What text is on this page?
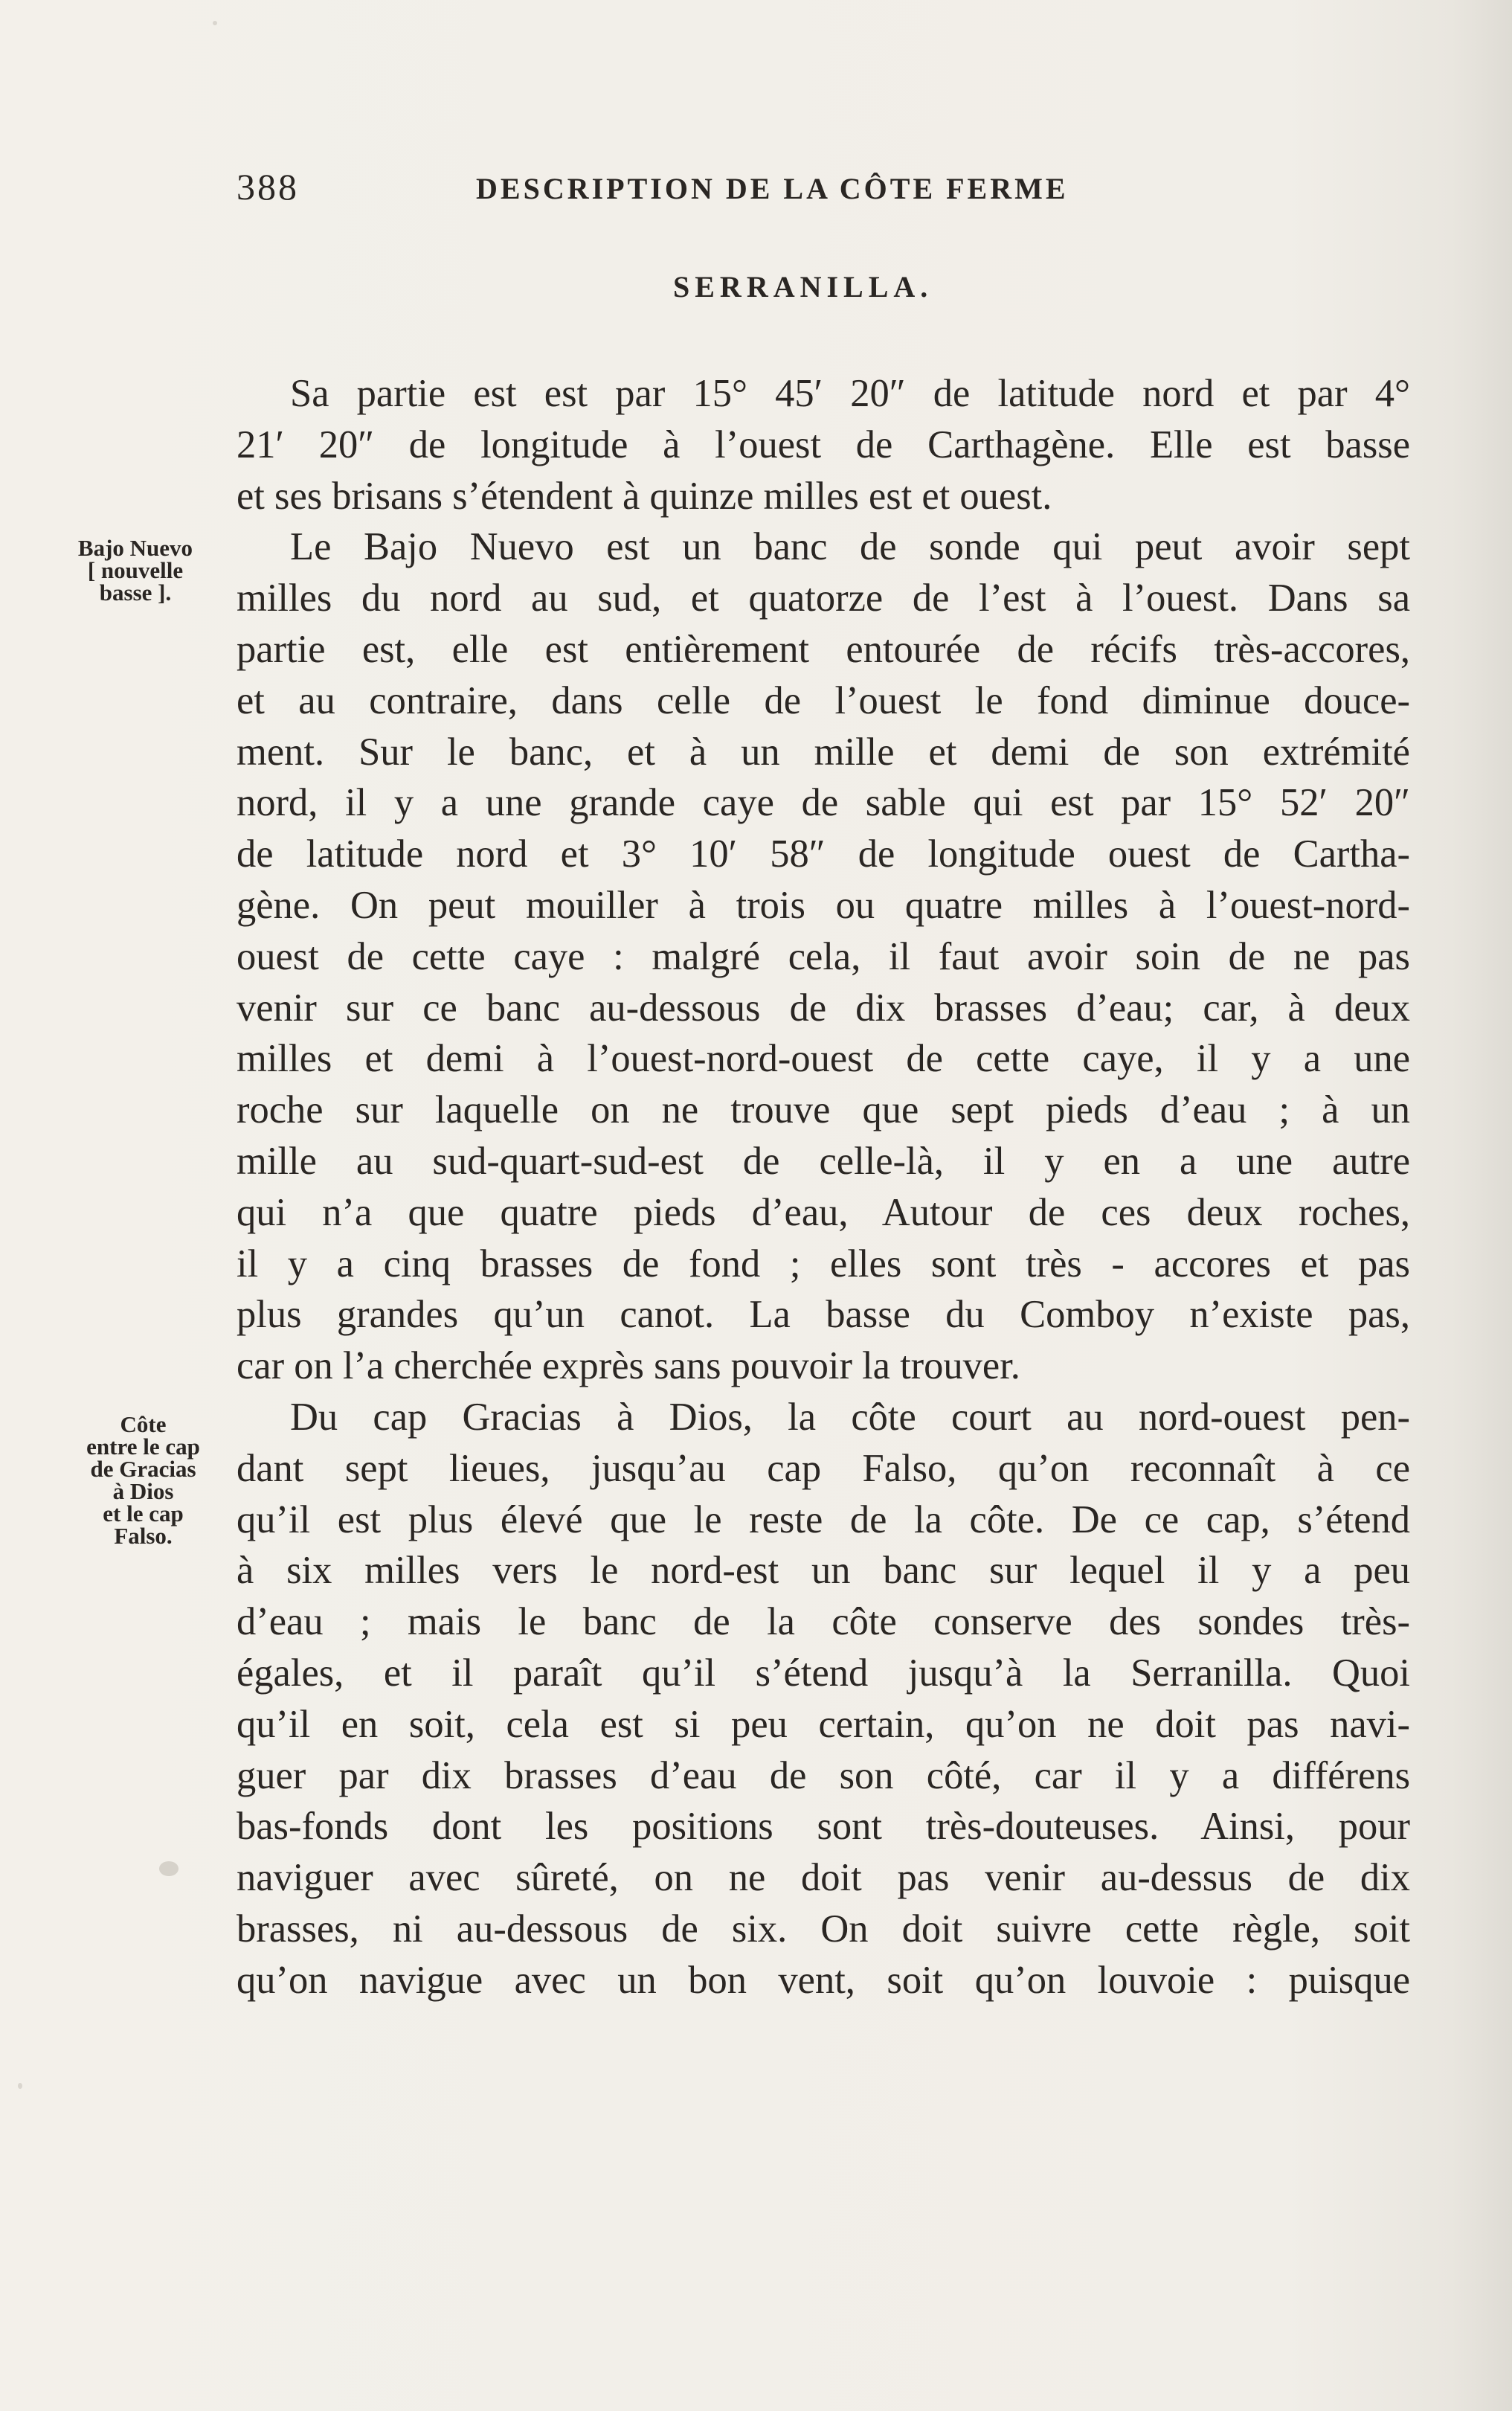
388	DESCRIPTION DE LA CÔTE FERME
SERRANILLA.
Bajo Nuevo
[ nouvelle
basse ].
Côte
entre le cap
de Gracias
à Dios
et le cap
Falso.
Sa partie est est par 15° 45′ 20″ de latitude nord et par 4°
21′ 20″ de longitude à l’ouest de Carthagène. Elle est basse
et ses brisans s’étendent à quinze milles est et ouest.
Le Bajo Nuevo est un banc de sonde qui peut avoir sept
milles du nord au sud, et quatorze de l’est à l’ouest. Dans sa
partie est, elle est entièrement entourée de récifs très-accores,
et au contraire, dans celle de l’ouest le fond diminue douce-
ment. Sur le banc, et à un mille et demi de son extrémité
nord, il y a une grande caye de sable qui est par 15° 52′ 20″
de latitude nord et 3° 10′ 58″ de longitude ouest de Cartha-
gène. On peut mouiller à trois ou quatre milles à l’ouest-nord-
ouest de cette caye : malgré cela, il faut avoir soin de ne pas
venir sur ce banc au-dessous de dix brasses d’eau; car, à deux
milles et demi à l’ouest-nord-ouest de cette caye, il y a une
roche sur laquelle on ne trouve que sept pieds d’eau ; à un
mille au sud-quart-sud-est de celle-là, il y en a une autre
qui n’a que quatre pieds d’eau, Autour de ces deux roches,
il y a cinq brasses de fond ; elles sont très - accores et pas
plus grandes qu’un canot. La basse du Comboy n’existe pas,
car on l’a cherchée exprès sans pouvoir la trouver.
Du cap Gracias à Dios, la côte court au nord-ouest pen-
dant sept lieues, jusqu’au cap Falso, qu’on reconnaît à ce
qu’il est plus élevé que le reste de la côte. De ce cap, s’étend
à six milles vers le nord-est un banc sur lequel il y a peu
d’eau ; mais le banc de la côte conserve des sondes très-
égales, et il paraît qu’il s’étend jusqu’à la Serranilla. Quoi
qu’il en soit, cela est si peu certain, qu’on ne doit pas navi-
guer par dix brasses d’eau de son côté, car il y a différens
bas-fonds dont les positions sont très-douteuses. Ainsi, pour
naviguer avec sûreté, on ne doit pas venir au-dessus de dix
brasses, ni au-dessous de six. On doit suivre cette règle, soit
qu’on navigue avec un bon vent, soit qu’on louvoie : puisque
